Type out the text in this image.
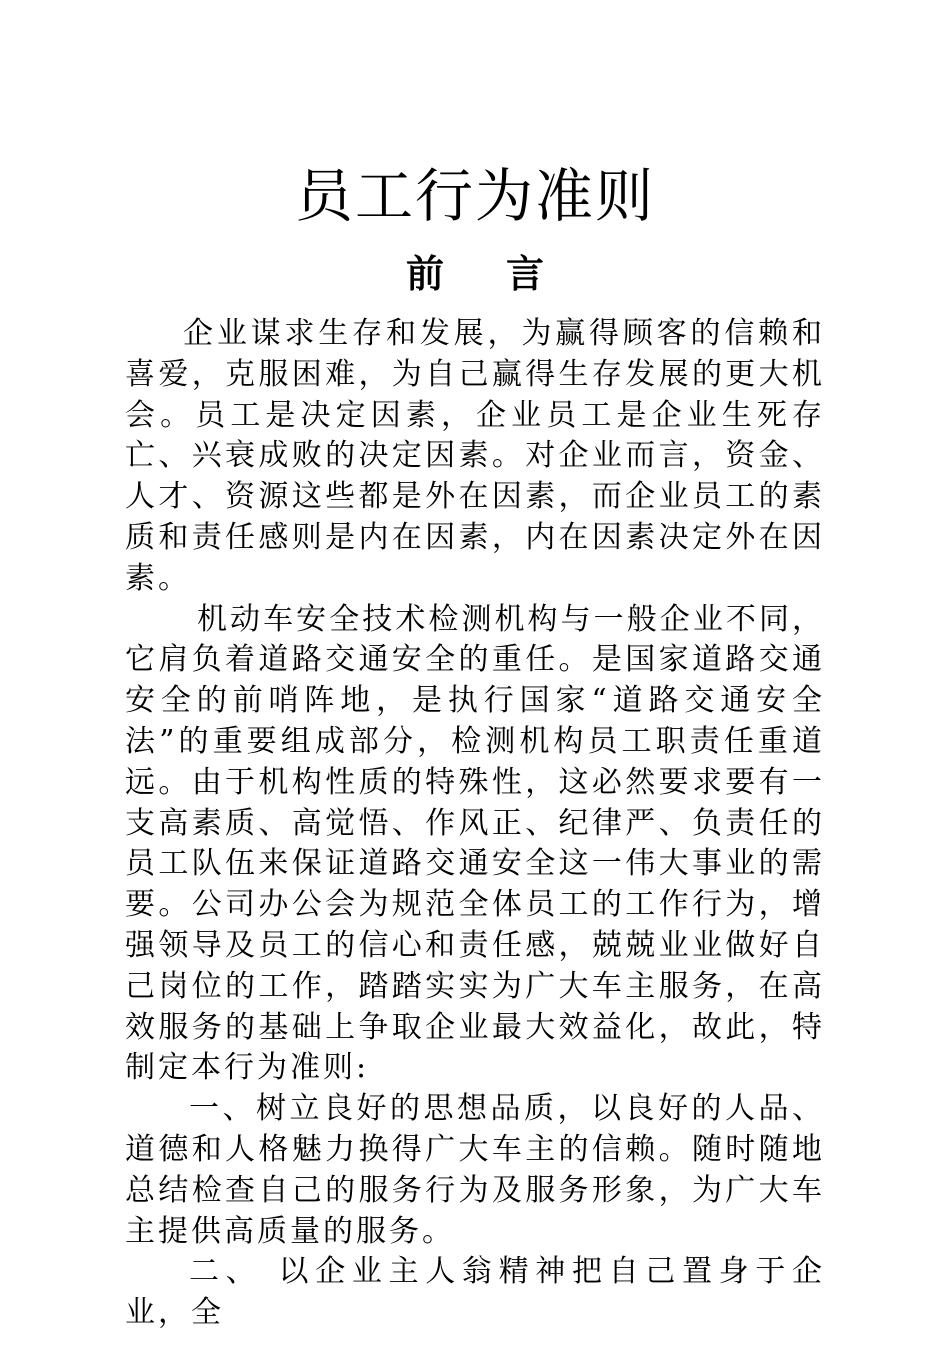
员工行为准则
前言

企业谋求生存和发展，为赢得顾客的信赖和喜爱，克服困难，为自己赢得生存发展的更大机会。员工是决定因素，企业员工是企业生死存亡、兴衰成败的决定因素。对企业而言，资金、人才、资源这些都是外在因素，而企业员工的素质和责任感则是内在因素，内在因素决定外在因素。

机动车安全技术检测机构与一般企业不同，它肩负着道路交通安全的重任。是国家道路交通安全的前哨阵地，是执行国家“道路交通安全法”的重要组成部分，检测机构员工职责任重道远。由于机构性质的特殊性，这必然要求要有一支高素质、高觉悟、作风正、纪律严、负责任的员工队伍来保证道路交通安全这一伟大事业的需要。公司办公会为规范全体员工的工作行为，增强领导及员工的信心和责任感，兢兢业业做好自己岗位的工作，踏踏实实为广大车主服务，在高效服务的基础上争取企业最大效益化，故此，特制定本行为准则:

一、树立良好的思想品质，以良好的人品、道德和人格魅力换得广大车主的信赖。随时随地总结检查自己的服务行为及服务形象，为广大车主提供高质量的服务。

二、 以企业主人翁精神把自己置身于企业，全
